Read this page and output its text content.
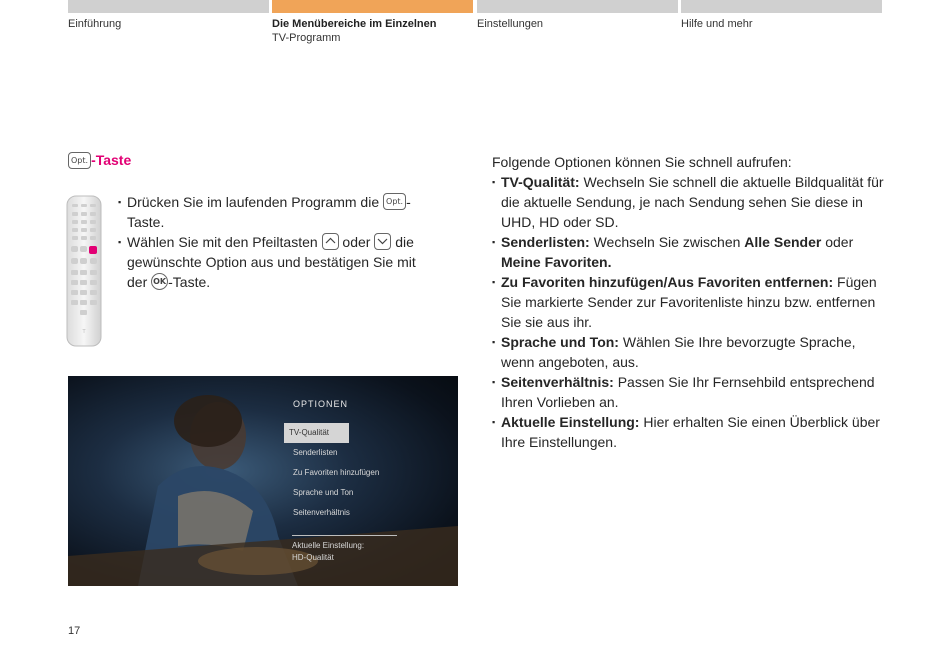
Einführung	Die Menübereiche im Einzelnen
TV-Programm
Einstellungen	Hilfe und mehr
Opt. -Taste
T
▪ Drücken Sie im laufenden Programm die Opt. -Taste.
▪ Wählen Sie mit den Pfeiltasten  oder  die gewünschte Option aus und bestätigen Sie mit der OK -Taste.
OPTIONEN
TV-Qualität
Senderlisten
Zu Favoriten hinzufügen
Sprache und Ton
Seitenverhältnis
Aktuelle Einstellung:
HD-Qualität

Folgende Optionen können Sie schnell aufrufen:

▪ TV-Qualität: Wechseln Sie schnell die aktuelle Bildqualität für die aktuelle Sendung, je nach Sendung sehen Sie diese in UHD, HD oder SD.
▪ Senderlisten: Wechseln Sie zwischen Alle Sender oder
Meine Favoriten.
▪ Zu Favoriten hinzufügen/Aus Favoriten entfernen: Fügen Sie markierte Sender zur Favoritenliste hinzu bzw. entfernen Sie sie aus ihr.
▪ Sprache und Ton: Wählen Sie Ihre bevorzugte Sprache, wenn angeboten, aus.
▪ Seitenverhältnis: Passen Sie Ihr Fernsehbild entsprechend Ihren Vorlieben an.
▪ Aktuelle Einstellung: Hier erhalten Sie einen Überblick über Ihre Einstellungen.
17
